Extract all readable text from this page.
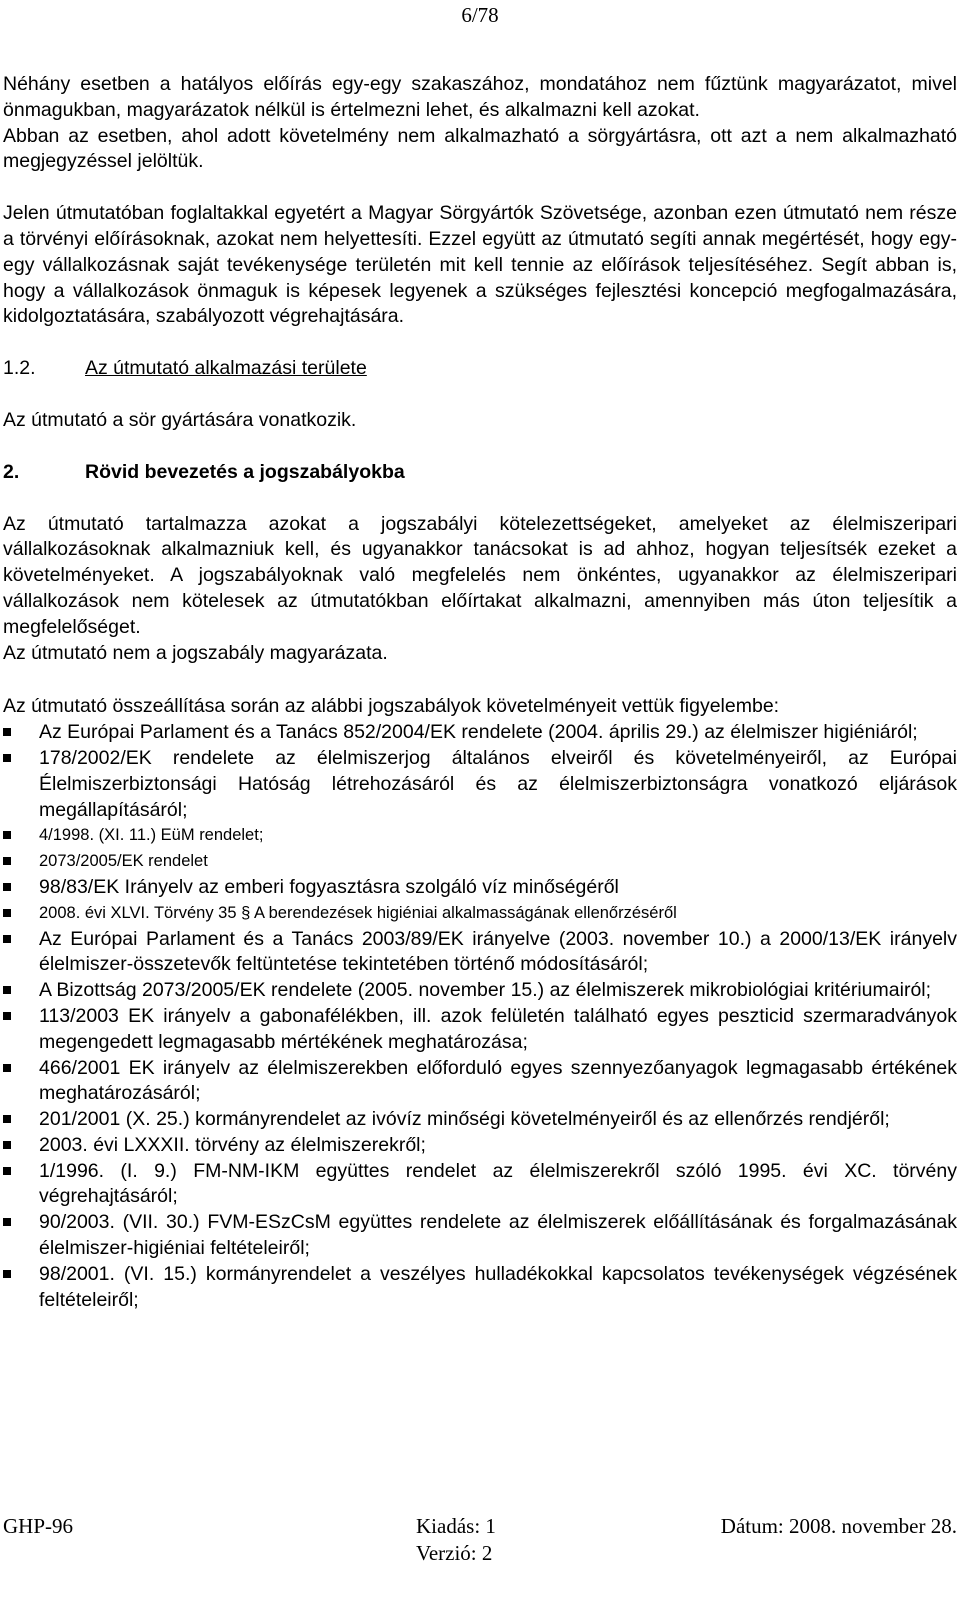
6/78

Néhány esetben a hatályos előírás egy-egy szakaszához, mondatához nem fűztünk magyarázatot, mivel önmagukban, magyarázatok nélkül is értelmezni lehet, és alkalmazni kell azokat.

Abban az esetben, ahol adott követelmény nem alkalmazható a sörgyártásra, ott azt a nem alkalmazható megjegyzéssel jelöltük.

Jelen útmutatóban foglaltakkal egyetért a Magyar Sörgyártók Szövetsége, azonban ezen útmutató nem része a törvényi előírásoknak, azokat nem helyettesíti. Ezzel együtt az útmutató segíti annak megértését, hogy egy-egy vállalkozásnak saját tevékenysége területén mit kell tennie az előírások teljesítéséhez. Segít abban is, hogy a vállalkozások önmaguk is képesek legyenek a szükséges fejlesztési koncepció megfogalmazására, kidolgoztatására, szabályozott végrehajtására.

1.2.	Az útmutató alkalmazási területe

Az útmutató a sör gyártására vonatkozik.

2.	Rövid bevezetés a jogszabályokba

Az útmutató tartalmazza azokat a jogszabályi kötelezettségeket, amelyeket az élelmiszeripari vállalkozásoknak alkalmazniuk kell, és ugyanakkor tanácsokat is ad ahhoz, hogyan teljesítsék ezeket a követelményeket. A jogszabályoknak való megfelelés nem önkéntes, ugyanakkor az élelmiszeripari vállalkozások nem kötelesek az útmutatókban előírtakat alkalmazni, amennyiben más úton teljesítik a megfelelőséget.

Az útmutató nem a jogszabály magyarázata.

Az útmutató összeállítása során az alábbi jogszabályok követelményeit vettük figyelembe:

Az Európai Parlament és a Tanács 852/2004/EK rendelete (2004. április 29.) az élelmiszer higiéniáról;
178/2002/EK rendelete az élelmiszerjog általános elveiről és követelményeiről, az Európai Élelmiszerbiztonsági Hatóság létrehozásáról és az élelmiszerbiztonságra vonatkozó eljárások megállapításáról;
4/1998. (XI. 11.) EüM rendelet;
2073/2005/EK rendelet
98/83/EK Irányelv az emberi fogyasztásra szolgáló víz minőségéről
2008. évi XLVI. Törvény 35 § A berendezések higiéniai alkalmasságának ellenőrzéséről
Az Európai Parlament és a Tanács 2003/89/EK irányelve (2003. november 10.) a 2000/13/EK irányelv élelmiszer-összetevők feltüntetése tekintetében történő módosításáról;
A Bizottság 2073/2005/EK rendelete (2005. november 15.) az élelmiszerek mikrobiológiai kritériumairól;
113/2003 EK irányelv a gabonafélékben, ill. azok felületén található egyes peszticid szermaradványok megengedett legmagasabb mértékének meghatározása;
466/2001 EK irányelv az élelmiszerekben előforduló egyes szennyezőanyagok legmagasabb értékének meghatározásáról;
201/2001 (X. 25.) kormányrendelet az ivóvíz minőségi követelményeiről és az ellenőrzés rendjéről;
2003. évi LXXXII. törvény az élelmiszerekről;
1/1996. (I. 9.) FM-NM-IKM együttes rendelet az élelmiszerekről szóló 1995. évi XC. törvény végrehajtásáról;
90/2003. (VII. 30.) FVM-ESzCsM együttes rendelete az élelmiszerek előállításának és forgalmazásának élelmiszer-higiéniai feltételeiről;
98/2001. (VI. 15.) kormányrendelet a veszélyes hulladékokkal kapcsolatos tevékenységek végzésének feltételeiről;
GHP-96	Kiadás: 1
Verzió: 2
Dátum: 2008. november 28.
